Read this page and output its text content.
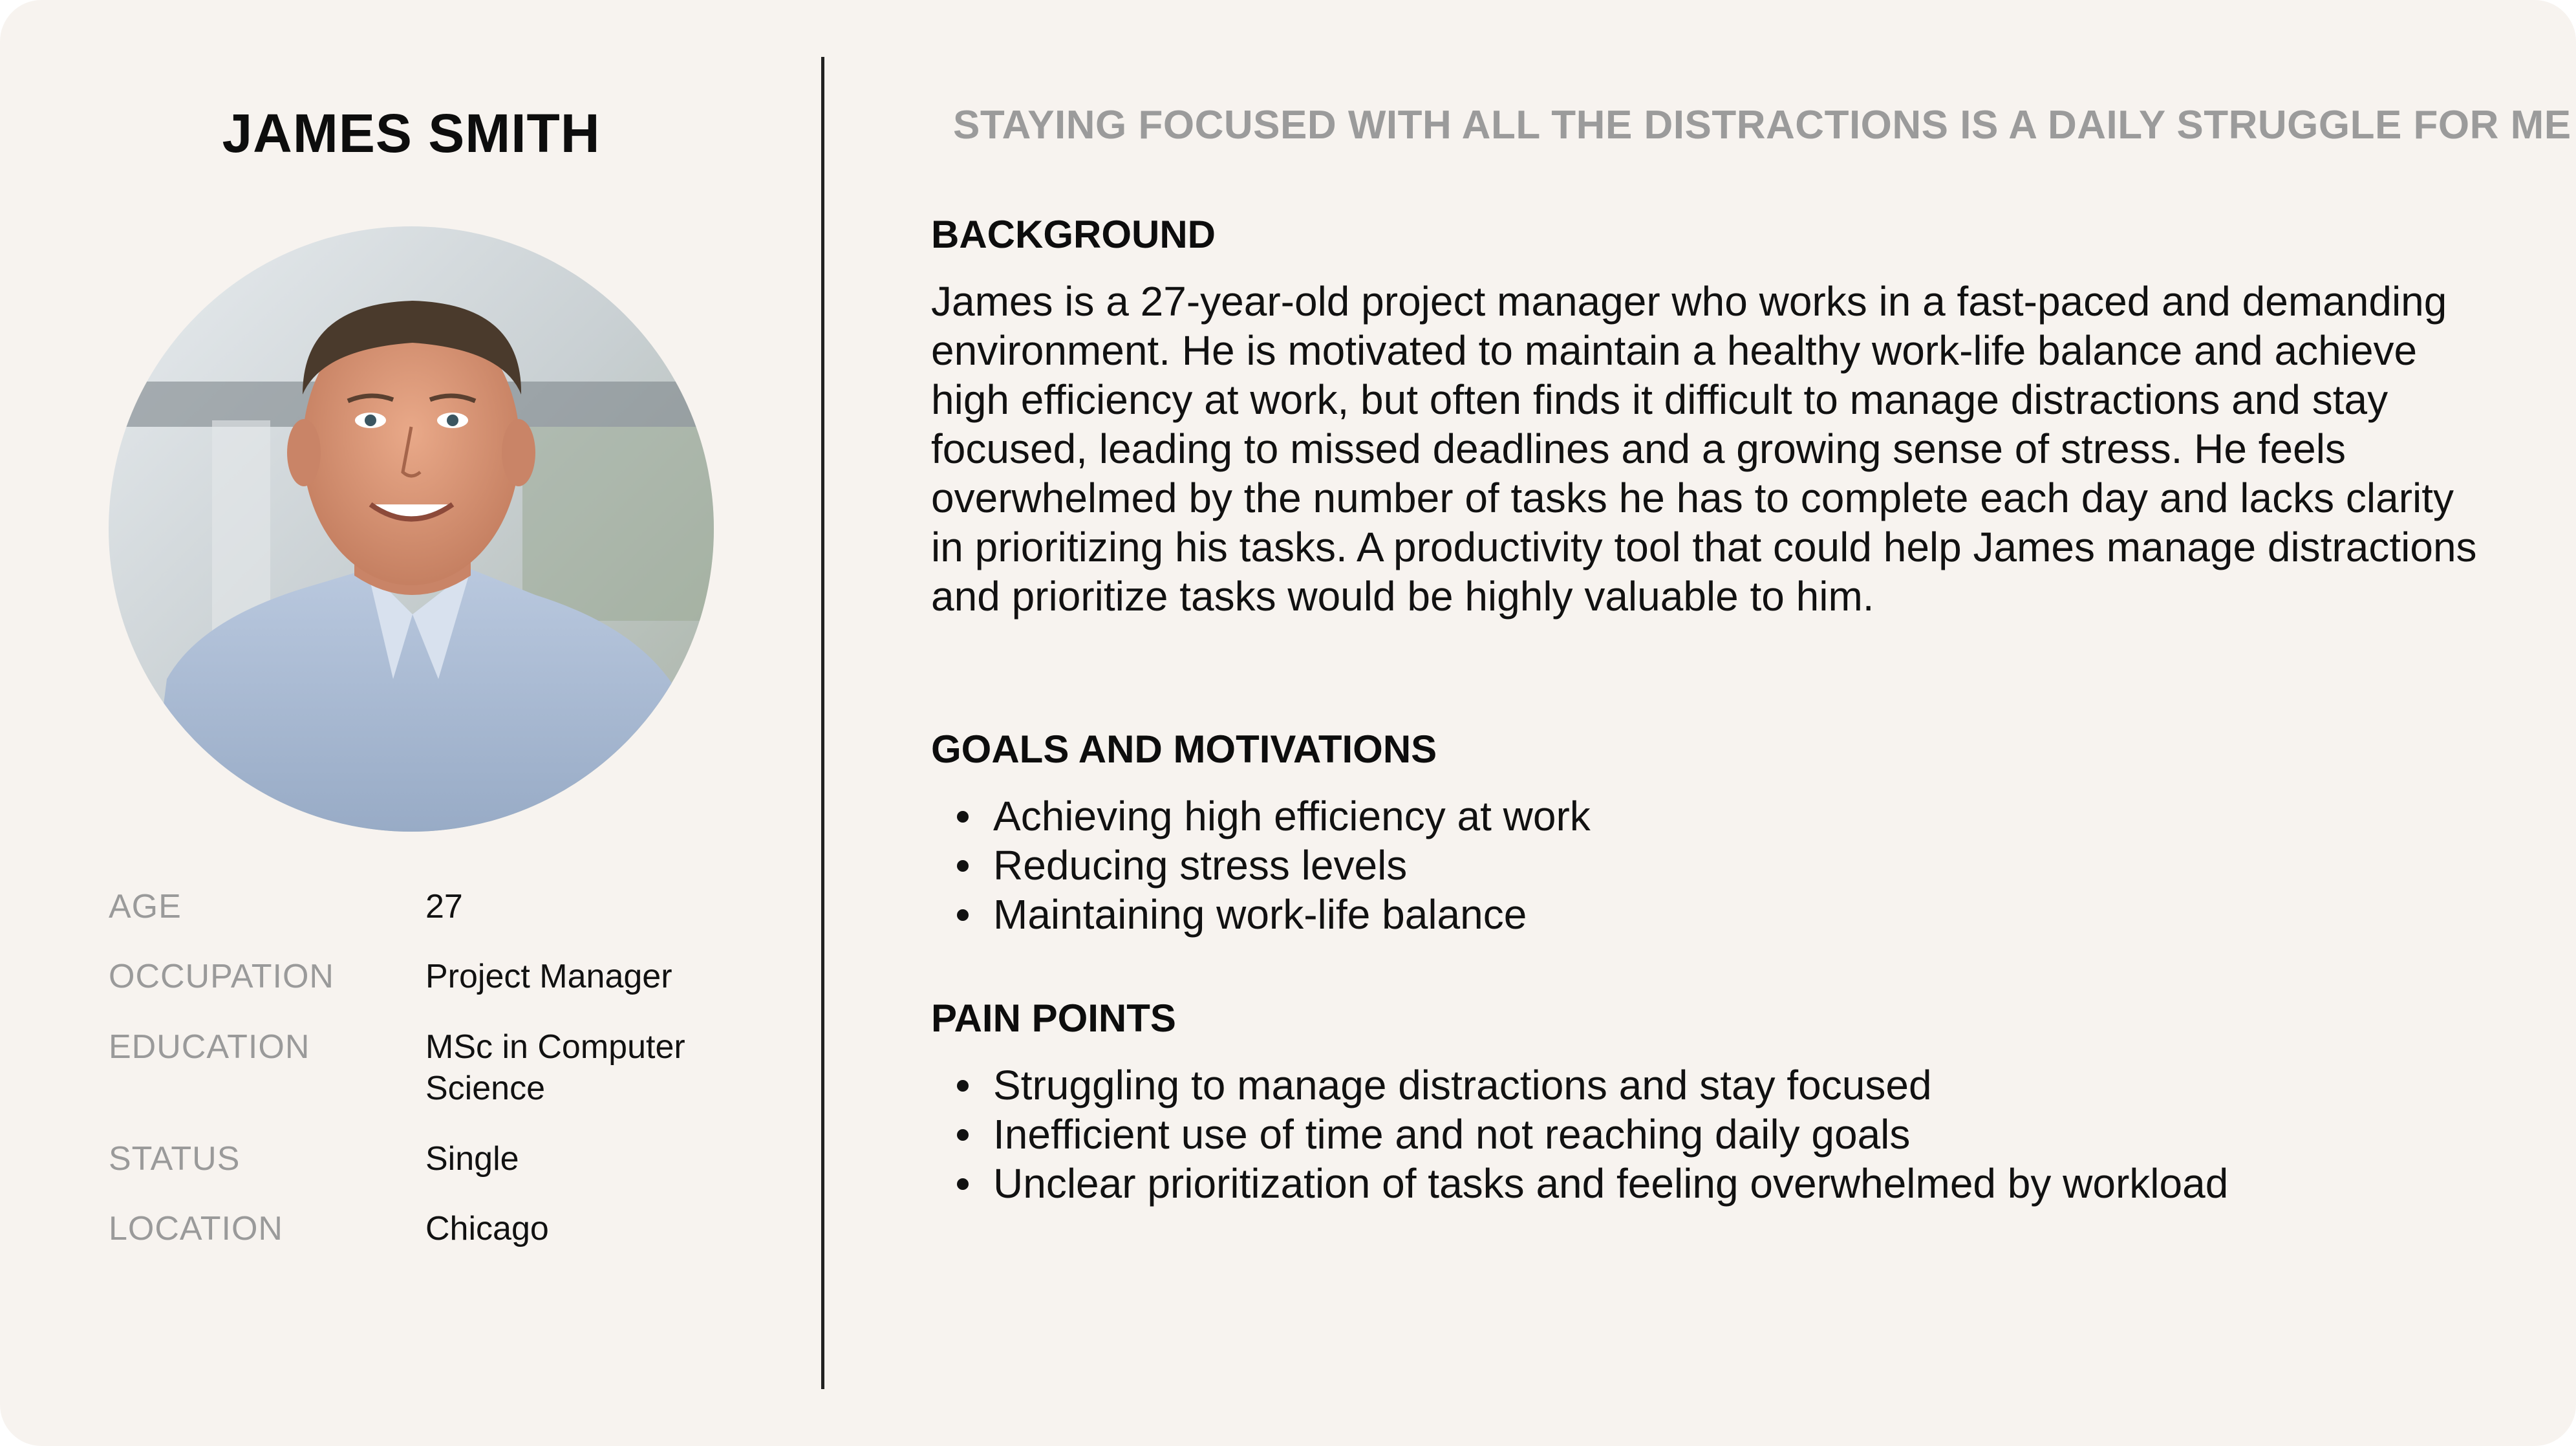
JAMES SMITH
AGE	27
OCCUPATION	Project Manager
EDUCATION	MSc in Computer Science
STATUS	Single
LOCATION	Chicago
STAYING FOCUSED WITH ALL THE DISTRACTIONS IS A DAILY STRUGGLE FOR ME
BACKGROUND
James is a 27-year-old project manager who works in a fast-paced and demanding environment. He is motivated to maintain a healthy work-life balance and achieve high efficiency at work, but often finds it difficult to manage distractions and stay focused, leading to missed deadlines and a growing sense of stress. He feels overwhelmed by the number of tasks he has to complete each day and lacks clarity in prioritizing his tasks. A productivity tool that could help James manage distractions and prioritize tasks would be highly valuable to him.
GOALS AND MOTIVATIONS
Achieving high efficiency at work
Reducing stress levels
Maintaining work-life balance
PAIN POINTS
Struggling to manage distractions and stay focused
Inefficient use of time and not reaching daily goals
Unclear prioritization of tasks and feeling overwhelmed by workload
